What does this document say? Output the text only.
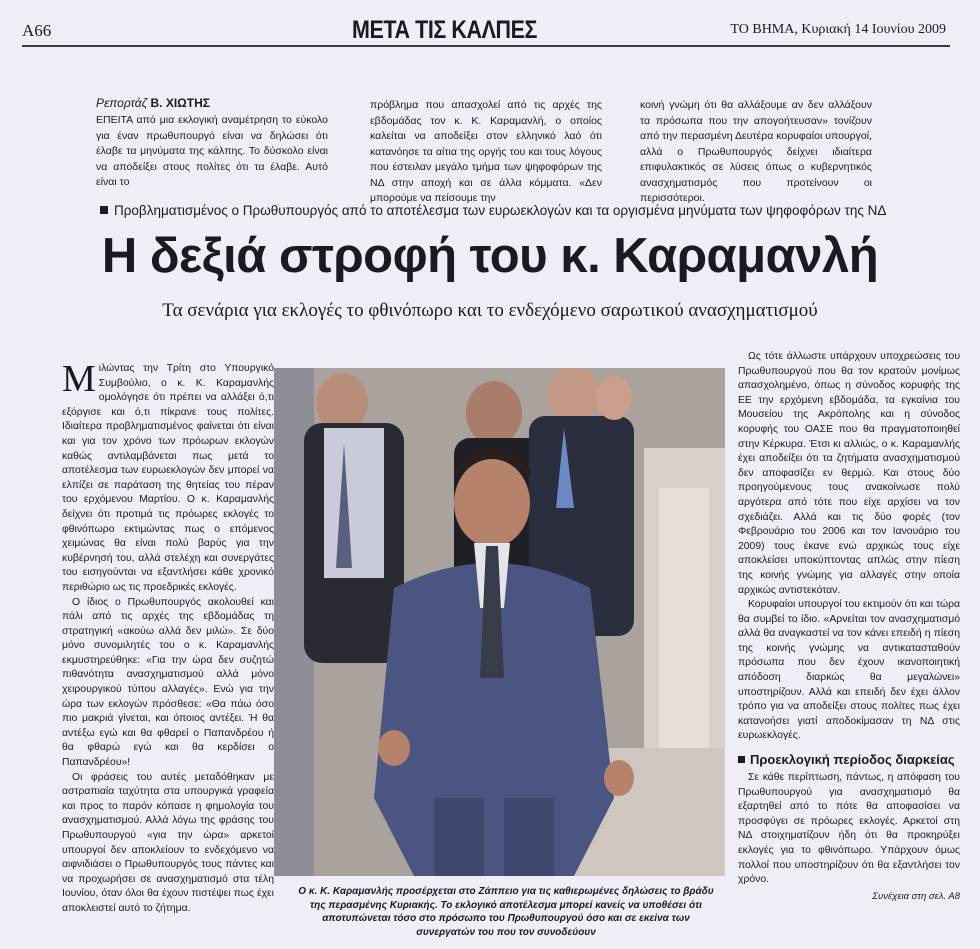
A66	ΜΕΤΑ ΤΙΣ ΚΑΛΠΕΣ	ΤΟ ΒΗΜΑ, Κυριακή 14 Ιουνίου 2009
Ρεπορτάζ Β. ΧΙΩΤΗΣ
ΕΠΕΙΤΑ από μια εκλογική αναμέτρηση το εύκολο για έναν πρωθυπουργό είναι να δηλώσει ότι έλαβε τα μηνύματα της κάλπης. Το δύσκολο είναι να αποδείξει στους πολίτες ότι τα έλαβε. Αυτό είναι το
πρόβλημα που απασχολεί από τις αρχές της εβδομάδας τον κ. Κ. Καραμανλή, ο οποίος καλείται να αποδείξει στον ελληνικό λαό ότι κατανόησε τα αίτια της οργής του και τους λόγους που έστειλαν μεγάλο τμήμα των ψηφοφόρων της ΝΔ στην αποχή και σε άλλα κόμματα. «Δεν μπορούμε να πείσουμε την
κοινή γνώμη ότι θα αλλάξουμε αν δεν αλλάξουν τα πρόσωπα που την απογοήτευσαν» τονίζουν από την περασμένη Δευτέρα κορυφαίοι υπουργοί, αλλά ο Πρωθυπουργός δείχνει ιδιαίτερα επιφυλακτικός σε λύσεις όπως ο κυβερνητικός ανασχηματισμός που προτείνουν οι περισσότεροι.
Προβληματισμένος ο Πρωθυπουργός από το αποτέλεσμα των ευρωεκλογών και τα οργισμένα μηνύματα των ψηφοφόρων της ΝΔ
Η δεξιά στροφή του κ. Καραμανλή
Τα σενάρια για εκλογές το φθινόπωρο και το ενδεχόμενο σαρωτικού ανασχηματισμού

Μιλώντας την Τρίτη στο Υπουργικό Συμβούλιο, ο κ. Κ. Καραμανλής ομολόγησε ότι πρέπει να αλλάξει ό,τι εξόργισε και ό,τι πίκρανε τους πολίτες. Ιδιαίτερα προβληματισμένος φαίνεται ότι είναι και για τον χρόνο των πρόωρων εκλογών καθώς αντιλαμβάνεται πως μετά το αποτέλεσμα των ευρωεκλογών δεν μπορεί να ελπίζει σε παράταση της θητείας του πέραν του ερχόμενου Μαρτίου. Ο κ. Καραμανλής δείχνει ότι προτιμά τις πρόωρες εκλογές το φθινόπωρο εκτιμώντας πως ο επόμενος χειμώνας θα είναι πολύ βαρύς για την κυβέρνησή του, αλλά στελέχη και συνεργάτες του εισηγούνται να εξαντλήσει κάθε χρονικό περιθώριο ως τις προεδρικές εκλογές.

Ο ίδιος ο Πρωθυπουργός ακολουθεί και πάλι από τις αρχές της εβδομάδας τη στρατηγική «ακούω αλλά δεν μιλώ». Σε δύο μόνο συνομιλητές του ο κ. Καραμανλής εκμυστηρεύθηκε: «Για την ώρα δεν συζητώ πιθανότητα ανασχηματισμού αλλά μόνο χειρουργικού τύπου αλλαγές». Ενώ για την ώρα των εκλογών πρόσθεσε: «Θα πάω όσο πιο μακριά γίνεται, και όποιος αντέξει. Ή θα αντέξω εγώ και θα φθαρεί ο Παπανδρέου ή θα φθαρώ εγώ και θα κερδίσει ο Παπανδρέου»!

Οι φράσεις του αυτές μεταδόθηκαν με αστραπιαία ταχύτητα στα υπουργικά γραφεία και προς το παρόν κόπασε η φημολογία του ανασχηματισμού. Αλλά λόγω της φράσης του Πρωθυπουργού «για την ώρα» αρκετοί υπουργοί δεν αποκλείουν το ενδεχόμενο να αιφνιδιάσει ο Πρωθυπουργός τους πάντες και να προχωρήσει σε ανασχηματισμό στα τέλη Ιουνίου, όταν όλοι θα έχουν πιστέψει πως έχει αποκλειστεί αυτό το ζήτημα.

Ο κ. Κ. Καραμανλής προσέρχεται στο Ζάππειο για τις καθιερωμένες δηλώσεις το βράδυ της περασμένης Κυριακής. Το εκλογικό αποτέλεσμα μπορεί κανείς να υποθέσει ότι αποτυπώνεται τόσο στο πρόσωπο του Πρωθυπουργού όσο και σε εκείνα των συνεργατών του που τον συνοδεύουν

Ως τότε άλλωστε υπάρχουν υποχρεώσεις του Πρωθυπουργού που θα τον κρατούν μονίμως απασχολημένο, όπως η σύνοδος κορυφής της ΕΕ την ερχόμενη εβδομάδα, τα εγκαίνια του Μουσείου της Ακρόπολης και η σύνοδος κορυφής του ΟΑΣΕ που θα πραγματοποιηθεί στην Κέρκυρα. Έτσι κι αλλιώς, ο κ. Καραμανλής έχει αποδείξει ότι τα ζητήματα ανασχηματισμού δεν αποφασίζει εν θερμώ. Και στους δύο προηγούμενους τους ανακοίνωσε πολύ αργότερα από τότε που είχε αρχίσει να τον σχεδιάζει. Αλλά και τις δύο φορές (τον Φεβρουάριο του 2006 και τον Ιανουάριο του 2009) τους έκανε ενώ αρχικώς τους είχε αποκλείσει υποκύπτοντας απλώς στην πίεση της κοινής γνώμης για αλλαγές στην οποία αρχικώς αντιστεκόταν.

Κορυφαίοι υπουργοί του εκτιμούν ότι και τώρα θα συμβεί το ίδιο. «Αρνείται τον ανασχηματισμό αλλά θα αναγκαστεί να τον κάνει επειδή η πίεση της κοινής γνώμης να αντικατασταθούν πρόσωπα που δεν έχουν ικανοποιητική απόδοση διαρκώς θα μεγαλώνει» υποστηρίζουν. Αλλά και επειδή δεν έχει άλλον τρόπο για να αποδείξει στους πολίτες πως έχει κατανοήσει γιατί αποδοκίμασαν τη ΝΔ στις ευρωεκλογές.

Προεκλογική περίοδος διαρκείας

Σε κάθε περίπτωση, πάντως, η απόφαση του Πρωθυπουργού για ανασχηματισμό θα εξαρτηθεί από το πότε θα αποφασίσει να προσφύγει σε πρόωρες εκλογές. Αρκετοί στη ΝΔ στοιχηματίζουν ήδη ότι θα προκηρύξει εκλογές για το φθινόπωρο. Υπάρχουν όμως πολλοί που υποστηρίζουν ότι θα εξαντλήσει τον χρόνο.

Συνέχεια στη σελ. Α8
